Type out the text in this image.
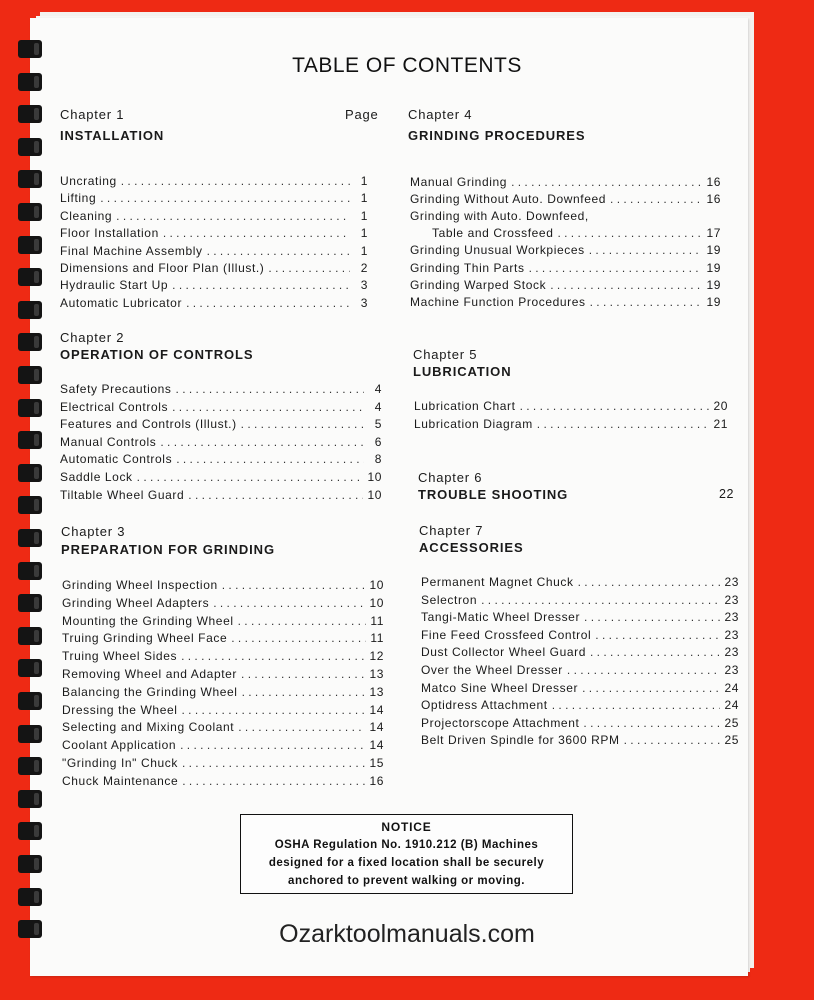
TABLE OF CONTENTS
Chapter 1	Page
INSTALLATION
Uncrating . . .	1
Lifting . . .	1
Cleaning . . .	1
Floor Installation . . .	1
Final Machine Assembly . . .	1
Dimensions and Floor Plan (Illust.) . . .	2
Hydraulic Start Up . . .	3
Automatic Lubricator . . .	3
Chapter 2
OPERATION OF CONTROLS
Safety Precautions . . .	4
Electrical Controls . . .	4
Features and Controls (Illust.) . . .	5
Manual Controls . . .	6
Automatic Controls . . .	8
Saddle Lock . . .	10
Tiltable Wheel Guard . . .	10
Chapter 3
PREPARATION FOR GRINDING
Grinding Wheel Inspection . . .	10
Grinding Wheel Adapters . . .	10
Mounting the Grinding Wheel . . .	11
Truing Grinding Wheel Face . . .	11
Truing Wheel Sides . . .	12
Removing Wheel and Adapter . . .	13
Balancing the Grinding Wheel . . .	13
Dressing the Wheel . . .	14
Selecting and Mixing Coolant . . .	14
Coolant Application . . .	14
"Grinding In" Chuck . . .	15
Chuck Maintenance . . .	16
Chapter 4
GRINDING PROCEDURES
Manual Grinding . . .	16
Grinding Without Auto. Downfeed . . .	16
Grinding with Auto. Downfeed,
Table and Crossfeed . . .	17
Grinding Unusual Workpieces . . .	19
Grinding Thin Parts . . .	19
Grinding Warped Stock . . .	19
Machine Function Procedures . . .	19
Chapter 5
LUBRICATION
Lubrication Chart . . .	20
Lubrication Diagram . . .	21
Chapter 6
TROUBLE SHOOTING	22
Chapter 7
ACCESSORIES
Permanent Magnet Chuck . . .	23
Selectron . . .	23
Tangi-Matic Wheel Dresser . . .	23
Fine Feed Crossfeed Control . . .	23
Dust Collector Wheel Guard . . .	23
Over the Wheel Dresser . . .	23
Matco Sine Wheel Dresser . . .	24
Optidress Attachment . . .	24
Projectorscope Attachment . . .	25
Belt Driven Spindle for 3600 RPM . . .	25
NOTICE
OSHA Regulation No. 1910.212 (B) Machines
designed for a fixed location shall be securely
anchored to prevent walking or moving.
Ozarktoolmanuals.com
